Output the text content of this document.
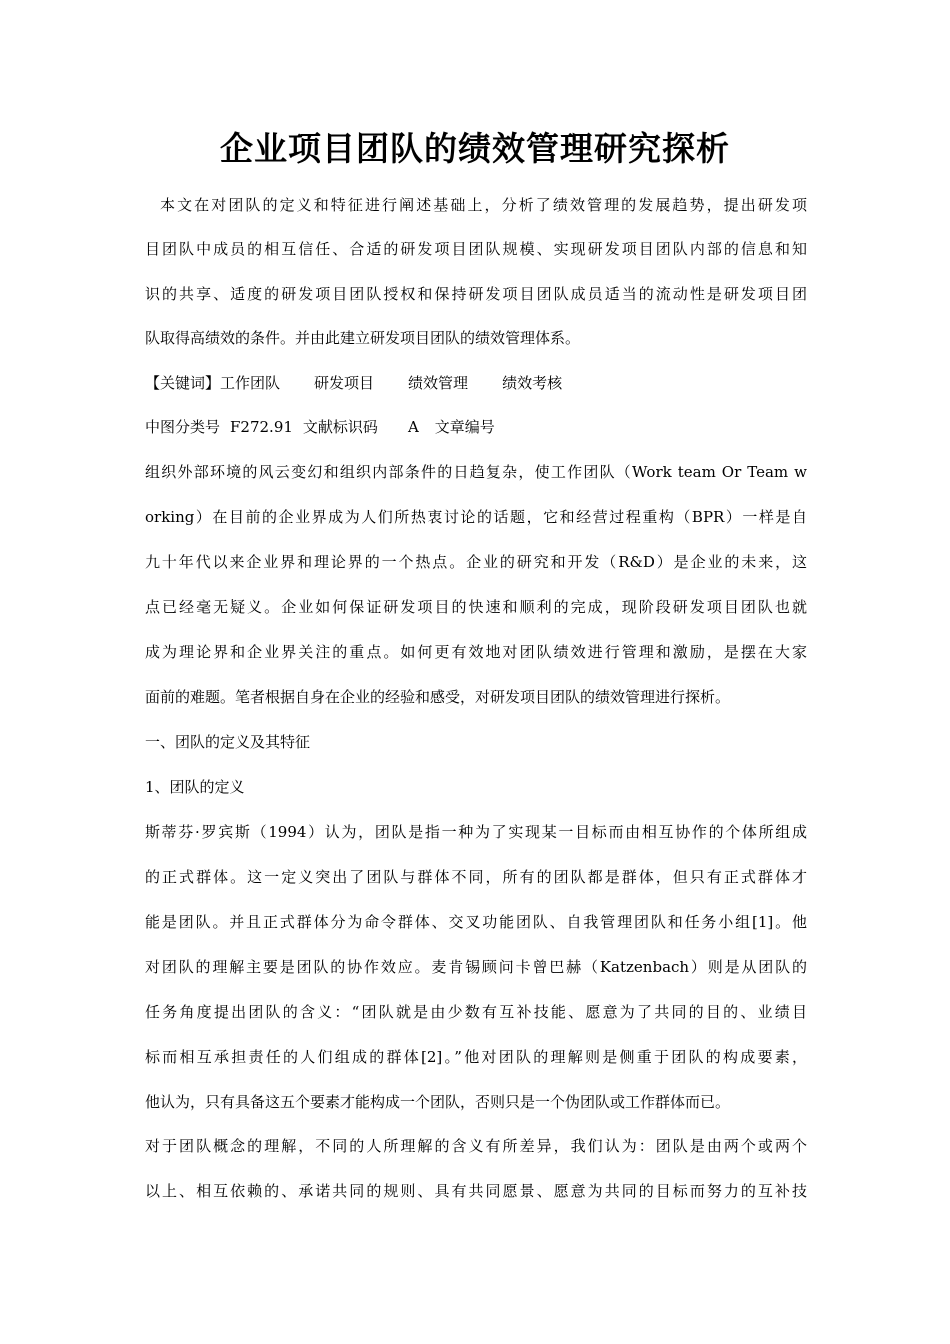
企业项目团队的绩效管理研究探析
本文在对团队的定义和特征进行阐述基础上，分析了绩效管理的发展趋势，提出研发项
目团队中成员的相互信任、合适的研发项目团队规模、实现研发项目团队内部的信息和知
识的共享、适度的研发项目团队授权和保持研发项目团队成员适当的流动性是研发项目团
队取得高绩效的条件。并由此建立研发项目团队的绩效管理体系。
【关键词】工作团队 研发项目 绩效管理 绩效考核
中图分类号 F272.91 文献标识码 A 文章编号
组织外部环境的风云变幻和组织内部条件的日趋复杂，使工作团队（Work team Or Team w
orking）在目前的企业界成为人们所热衷讨论的话题，它和经营过程重构（BPR）一样是自
九十年代以来企业界和理论界的一个热点。企业的研究和开发（R&D）是企业的未来，这
点已经毫无疑义。企业如何保证研发项目的快速和顺利的完成，现阶段研发项目团队也就
成为理论界和企业界关注的重点。如何更有效地对团队绩效进行管理和激励，是摆在大家
面前的难题。笔者根据自身在企业的经验和感受，对研发项目团队的绩效管理进行探析。
一、团队的定义及其特征
1、团队的定义
斯蒂芬·罗宾斯（1994）认为，团队是指一种为了实现某一目标而由相互协作的个体所组成
的正式群体。这一定义突出了团队与群体不同，所有的团队都是群体，但只有正式群体才
能是团队。并且正式群体分为命令群体、交叉功能团队、自我管理团队和任务小组[1]。他
对团队的理解主要是团队的协作效应。麦肯锡顾问卡曾巴赫（Katzenbach）则是从团队的
任务角度提出团队的含义：“团队就是由少数有互补技能、愿意为了共同的目的、业绩目
标而相互承担责任的人们组成的群体[2]。”他对团队的理解则是侧重于团队的构成要素，
他认为，只有具备这五个要素才能构成一个团队，否则只是一个伪团队或工作群体而已。
对于团队概念的理解，不同的人所理解的含义有所差异，我们认为：团队是由两个或两个
以上、相互依赖的、承诺共同的规则、具有共同愿景、愿意为共同的目标而努力的互补技
